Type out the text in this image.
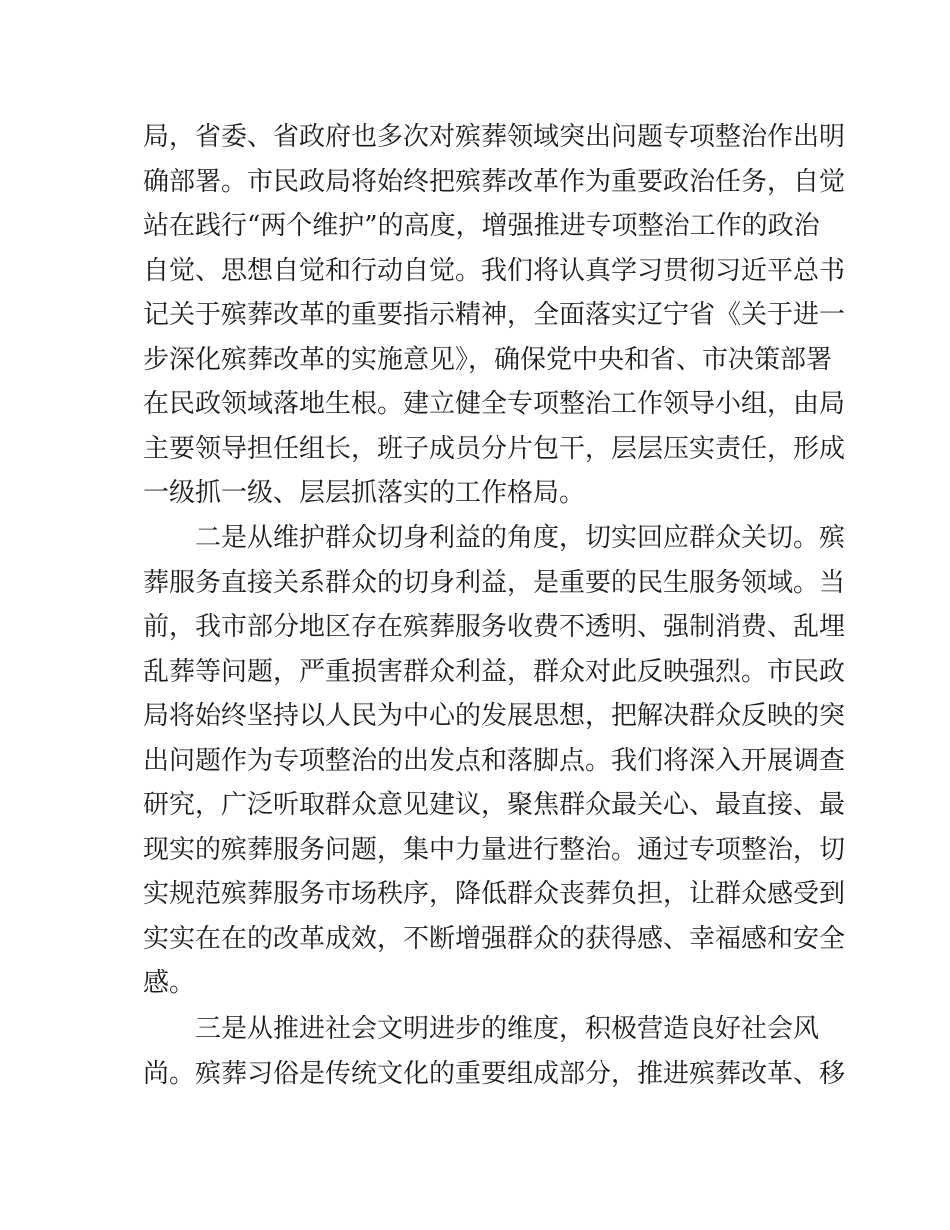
局，省委、省政府也多次对殡葬领域突出问题专项整治作出明
确部署。市民政局将始终把殡葬改革作为重要政治任务，自觉
站在践行“两个维护”的高度，增强推进专项整治工作的政治
自觉、思想自觉和行动自觉。我们将认真学习贯彻习近平总书
记关于殡葬改革的重要指示精神，全面落实辽宁省《关于进一
步深化殡葬改革的实施意见》，确保党中央和省、市决策部署
在民政领域落地生根。建立健全专项整治工作领导小组，由局
主要领导担任组长，班子成员分片包干，层层压实责任，形成
一级抓一级、层层抓落实的工作格局。
二是从维护群众切身利益的角度，切实回应群众关切。殡
葬服务直接关系群众的切身利益，是重要的民生服务领域。当
前，我市部分地区存在殡葬服务收费不透明、强制消费、乱埋
乱葬等问题，严重损害群众利益，群众对此反映强烈。市民政
局将始终坚持以人民为中心的发展思想，把解决群众反映的突
出问题作为专项整治的出发点和落脚点。我们将深入开展调查
研究，广泛听取群众意见建议，聚焦群众最关心、最直接、最
现实的殡葬服务问题，集中力量进行整治。通过专项整治，切
实规范殡葬服务市场秩序，降低群众丧葬负担，让群众感受到
实实在在的改革成效，不断增强群众的获得感、幸福感和安全
感。
三是从推进社会文明进步的维度，积极营造良好社会风
尚。殡葬习俗是传统文化的重要组成部分，推进殡葬改革、移
